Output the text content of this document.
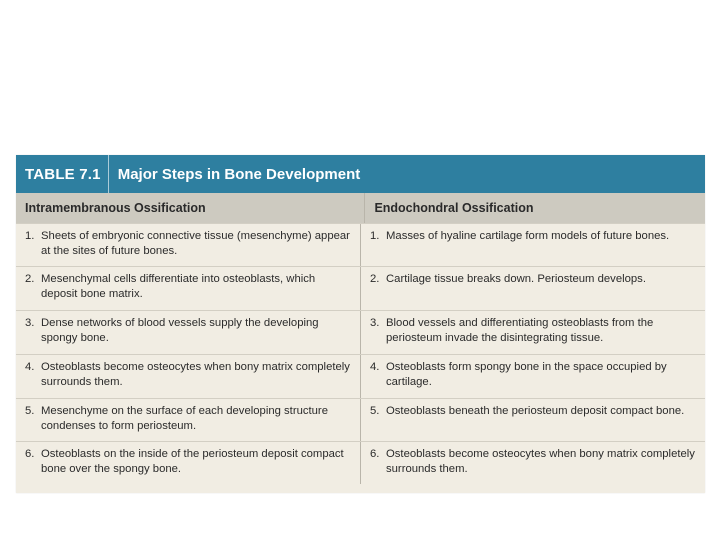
TABLE 7.1	Major Steps in Bone Development
Intramembranous Ossification	Endochondral Ossification
1. Sheets of embryonic connective tissue (mesenchyme) appear at the sites of future bones.
1. Masses of hyaline cartilage form models of future bones.
2. Mesenchymal cells differentiate into osteoblasts, which deposit bone matrix.
2. Cartilage tissue breaks down. Periosteum develops.
3. Dense networks of blood vessels supply the developing spongy bone.
3. Blood vessels and differentiating osteoblasts from the periosteum invade the disintegrating tissue.
4. Osteoblasts become osteocytes when bony matrix completely surrounds them.
4. Osteoblasts form spongy bone in the space occupied by cartilage.
5. Mesenchyme on the surface of each developing structure condenses to form periosteum.
5. Osteoblasts beneath the periosteum deposit compact bone.
6. Osteoblasts on the inside of the periosteum deposit compact bone over the spongy bone.
6. Osteoblasts become osteocytes when bony matrix completely surrounds them.
